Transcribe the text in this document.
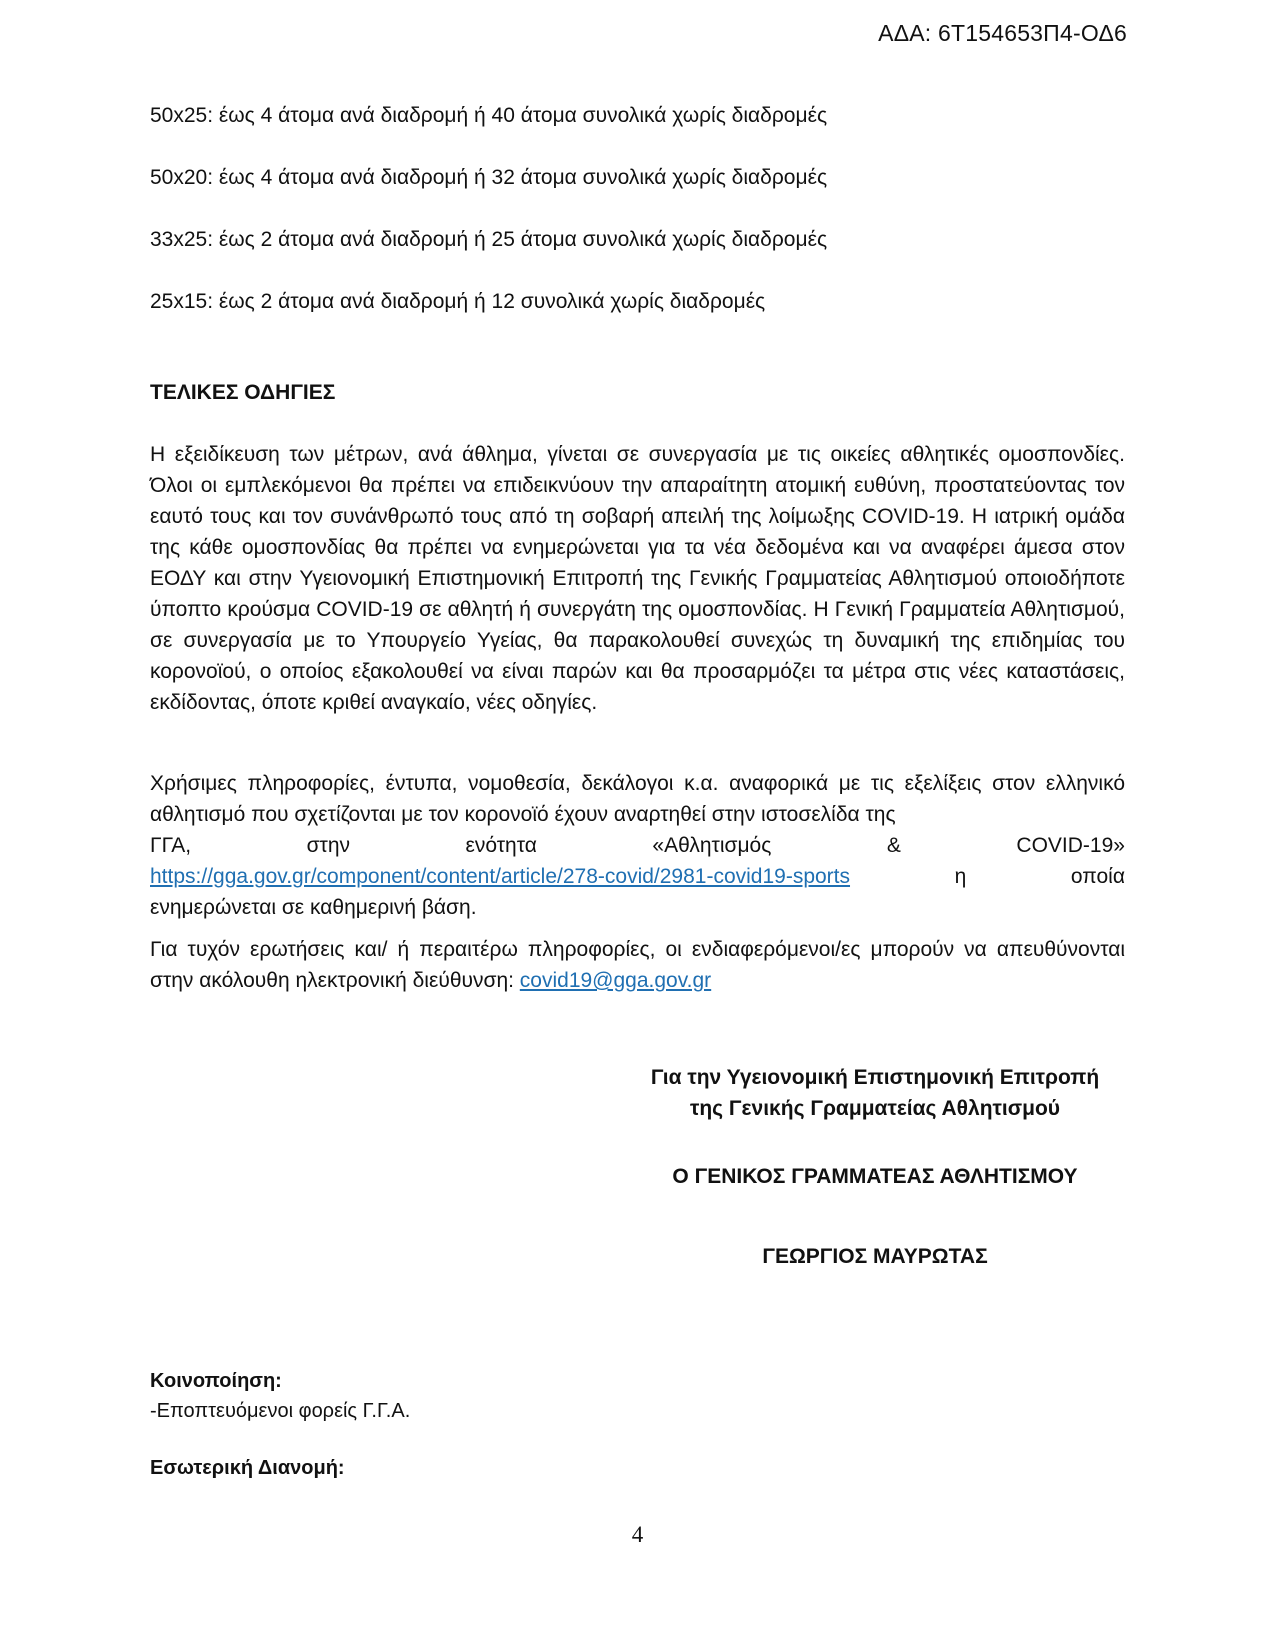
ΑΔΑ: 6Τ154653Π4-ΟΔ6

50x25: έως 4 άτομα ανά διαδρομή ή 40 άτομα συνολικά χωρίς διαδρομές

50x20: έως 4 άτομα ανά διαδρομή ή 32 άτομα συνολικά χωρίς διαδρομές

33x25: έως 2 άτομα ανά διαδρομή ή 25 άτομα συνολικά χωρίς διαδρομές

25x15: έως 2 άτομα ανά διαδρομή ή 12 συνολικά χωρίς διαδρομές

ΤΕΛΙΚΕΣ ΟΔΗΓΙΕΣ

Η εξειδίκευση των μέτρων, ανά άθλημα, γίνεται σε συνεργασία με τις οικείες αθλητικές ομοσπονδίες. Όλοι οι εμπλεκόμενοι θα πρέπει να επιδεικνύουν την απαραίτητη ατομική ευθύνη, προστατεύοντας τον εαυτό τους και τον συνάνθρωπό τους από τη σοβαρή απειλή της λοίμωξης COVID-19. Η ιατρική ομάδα της κάθε ομοσπονδίας θα πρέπει να ενημερώνεται για τα νέα δεδομένα και να αναφέρει άμεσα στον ΕΟΔΥ και στην Υγειονομική Επιστημονική Επιτροπή της Γενικής Γραμματείας Αθλητισμού οποιοδήποτε ύποπτο κρούσμα COVID-19 σε αθλητή ή συνεργάτη της ομοσπονδίας. Η Γενική Γραμματεία Αθλητισμού, σε συνεργασία με το Υπουργείο Υγείας, θα παρακολουθεί συνεχώς τη δυναμική της επιδημίας του κορονοϊού, ο οποίος εξακολουθεί να είναι παρών και θα προσαρμόζει τα μέτρα στις νέες καταστάσεις, εκδίδοντας, όποτε κριθεί αναγκαίο, νέες οδηγίες.

Χρήσιμες πληροφορίες, έντυπα, νομοθεσία, δεκάλογοι κ.α. αναφορικά με τις εξελίξεις στον ελληνικό αθλητισμό που σχετίζονται με τον κορονοϊό έχουν αναρτηθεί στην ιστοσελίδα της
ΓΓΑ,	στην	ενότητα	«Αθλητισμός	&	COVID-19»
https://gga.gov.gr/component/content/article/278-covid/2981-covid19-sports	η	οποία
ενημερώνεται σε καθημερινή βάση.

Για τυχόν ερωτήσεις και/ ή περαιτέρω πληροφορίες, οι ενδιαφερόμενοι/ες μπορούν να απευθύνονται στην ακόλουθη ηλεκτρονική διεύθυνση: covid19@gga.gov.gr

Για την Υγειονομική Επιστημονική Επιτροπή
της Γενικής Γραμματείας Αθλητισμού
Ο ΓΕΝΙΚΟΣ ΓΡΑΜΜΑΤΕΑΣ ΑΘΛΗΤΙΣΜΟΥ
ΓΕΩΡΓΙΟΣ ΜΑΥΡΩΤΑΣ
Κοινοποίηση:
-Εποπτευόμενοι φορείς Γ.Γ.Α.
Εσωτερική Διανομή:
4
